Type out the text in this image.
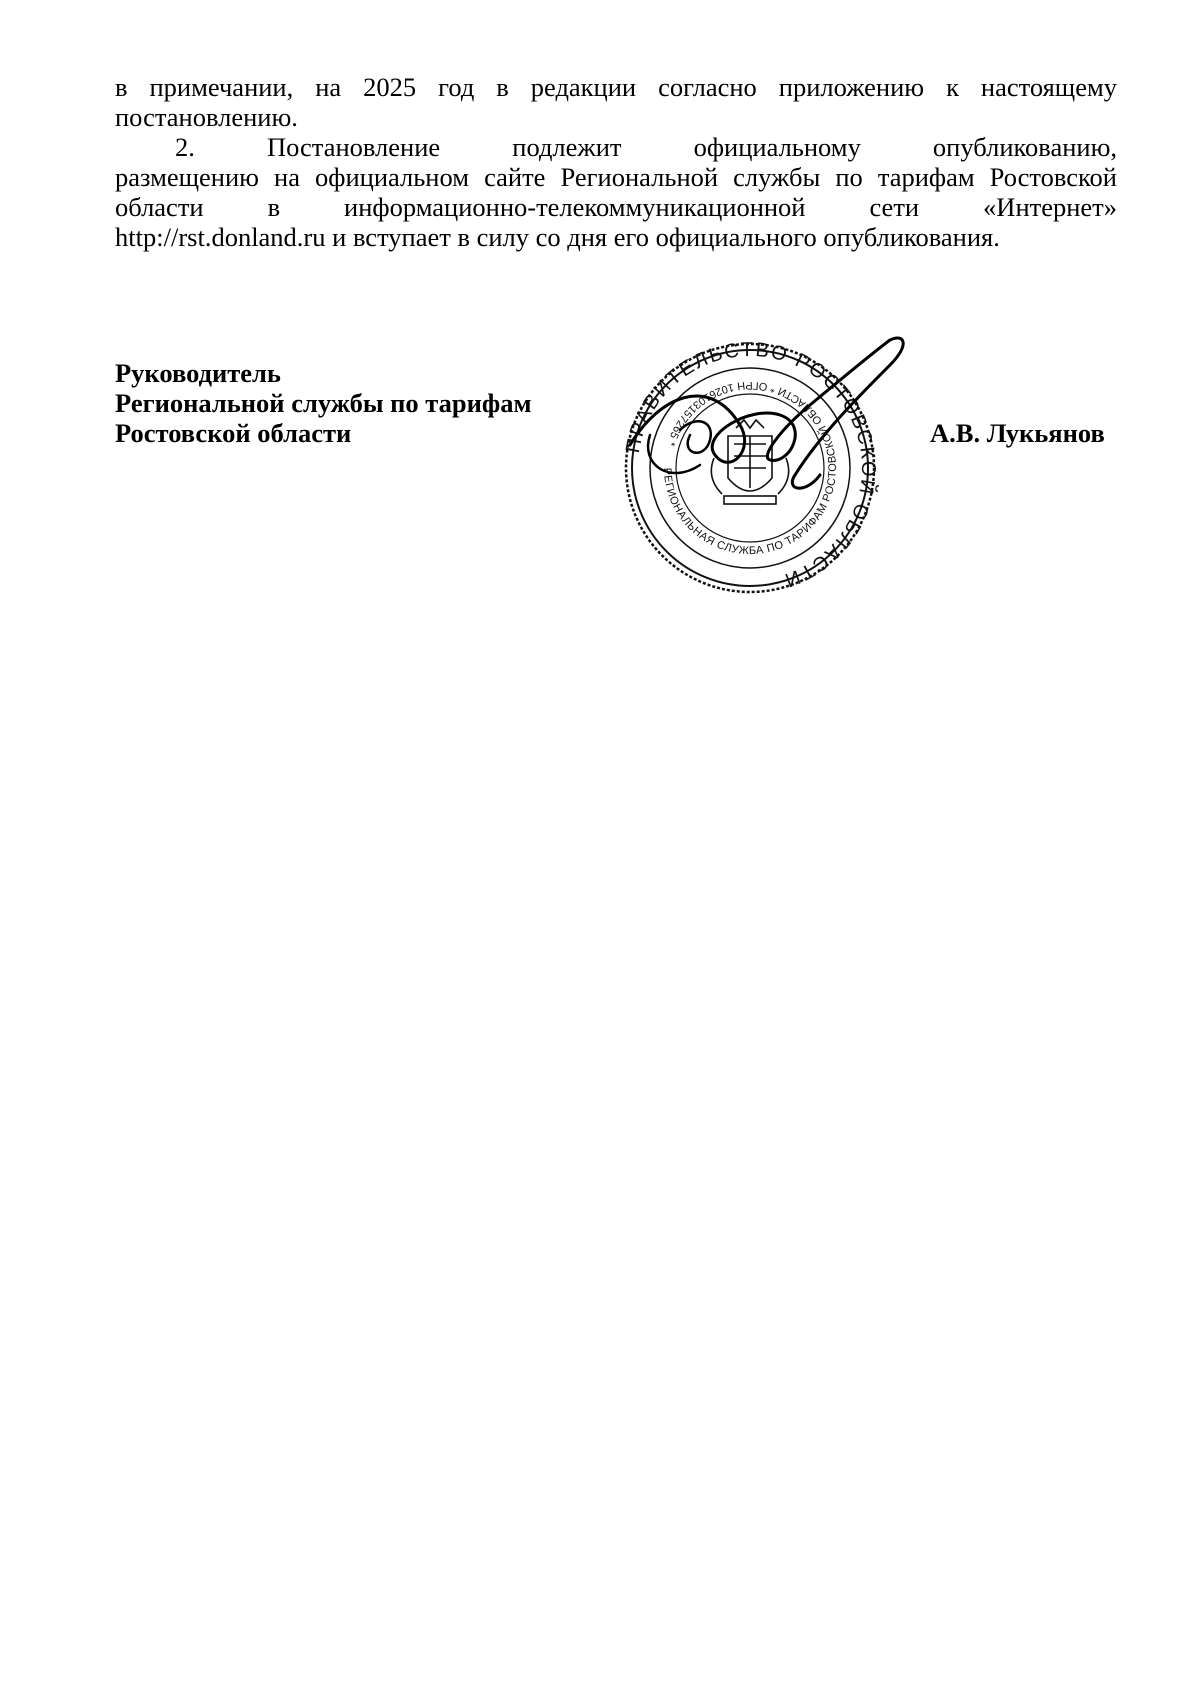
в примечании, на 2025 год в редакции согласно приложению к настоящему
постановлению.
2. Постановление подлежит официальному опубликованию,
размещению на официальном сайте Региональной службы по тарифам Ростовской
области в информационно-телекоммуникационной сети «Интернет»
http://rst.donland.ru и вступает в силу со дня его официального опубликования.
Руководитель
Региональной службы по тарифам
Ростовской области	А.В. Лукьянов
ПРАВИТЕЛЬСТВО РОСТОВСКОЙ ОБЛАСТИ
РЕГИОНАЛЬНАЯ СЛУЖБА ПО ТАРИФАМ РОСТОВСКОЙ ОБЛАСТИ * ОГРН 1026103157265 *
